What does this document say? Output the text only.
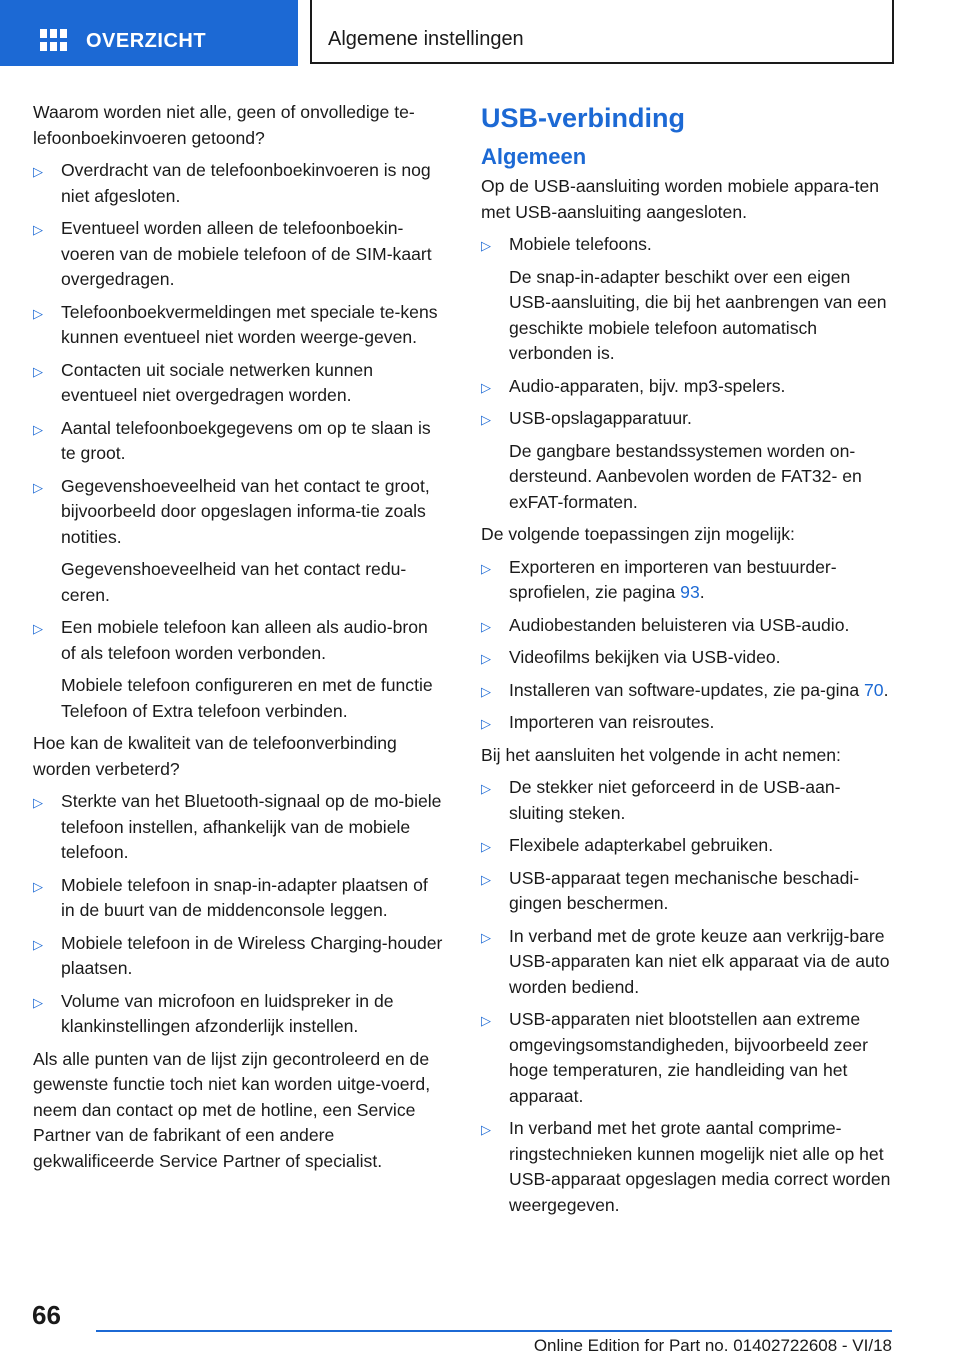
OVERZICHT	Algemene instellingen

Waarom worden niet alle, geen of onvolledige te-lefoonboekinvoeren getoond?

▷	Overdracht van de telefoonboekinvoeren is nog niet afgesloten.
▷	Eventueel worden alleen de telefoonboekin-voeren van de mobiele telefoon of de SIM-kaart overgedragen.
▷	Telefoonboekvermeldingen met speciale te-kens kunnen eventueel niet worden weerge-geven.
▷	Contacten uit sociale netwerken kunnen eventueel niet overgedragen worden.
▷	Aantal telefoonboekgegevens om op te slaan is te groot.
▷	Gegevenshoeveelheid van het contact te groot, bijvoorbeeld door opgeslagen informa-tie zoals notities.
Gegevenshoeveelheid van het contact redu-ceren.
▷	Een mobiele telefoon kan alleen als audio-bron of als telefoon worden verbonden.
Mobiele telefoon configureren en met de functie Telefoon of Extra telefoon verbinden.

Hoe kan de kwaliteit van de telefoonverbinding worden verbeterd?

▷	Sterkte van het Bluetooth-signaal op de mo-biele telefoon instellen, afhankelijk van de mobiele telefoon.
▷	Mobiele telefoon in snap-in-adapter plaatsen of in de buurt van de middenconsole leggen.
▷	Mobiele telefoon in de Wireless Charging-houder plaatsen.
▷	Volume van microfoon en luidspreker in de klankinstellingen afzonderlijk instellen.

Als alle punten van de lijst zijn gecontroleerd en de gewenste functie toch niet kan worden uitge-voerd, neem dan contact op met de hotline, een Service Partner van de fabrikant of een andere gekwalificeerde Service Partner of specialist.

USB-verbinding
Algemeen

Op de USB-aansluiting worden mobiele appara-ten met USB-aansluiting aangesloten.

▷	Mobiele telefoons.
De snap-in-adapter beschikt over een eigen USB-aansluiting, die bij het aanbrengen van een geschikte mobiele telefoon automatisch verbonden is.
▷	Audio-apparaten, bijv. mp3-spelers.
▷	USB-opslagapparatuur.
De gangbare bestandssystemen worden on-dersteund. Aanbevolen worden de FAT32- en exFAT-formaten.

De volgende toepassingen zijn mogelijk:

▷	Exporteren en importeren van bestuurder-sprofielen, zie pagina 93.
▷	Audiobestanden beluisteren via USB-audio.
▷	Videofilms bekijken via USB-video.
▷	Installeren van software-updates, zie pa-gina 70.
▷	Importeren van reisroutes.

Bij het aansluiten het volgende in acht nemen:

▷	De stekker niet geforceerd in de USB-aan-sluiting steken.
▷	Flexibele adapterkabel gebruiken.
▷	USB-apparaat tegen mechanische beschadi-gingen beschermen.
▷	In verband met de grote keuze aan verkrijg-bare USB-apparaten kan niet elk apparaat via de auto worden bediend.
▷	USB-apparaten niet blootstellen aan extreme omgevingsomstandigheden, bijvoorbeeld zeer hoge temperaturen, zie handleiding van het apparaat.
▷	In verband met het grote aantal comprime-ringstechnieken kunnen mogelijk niet alle op het USB-apparaat opgeslagen media correct worden weergegeven.
66
Online Edition for Part no. 01402722608 - VI/18
